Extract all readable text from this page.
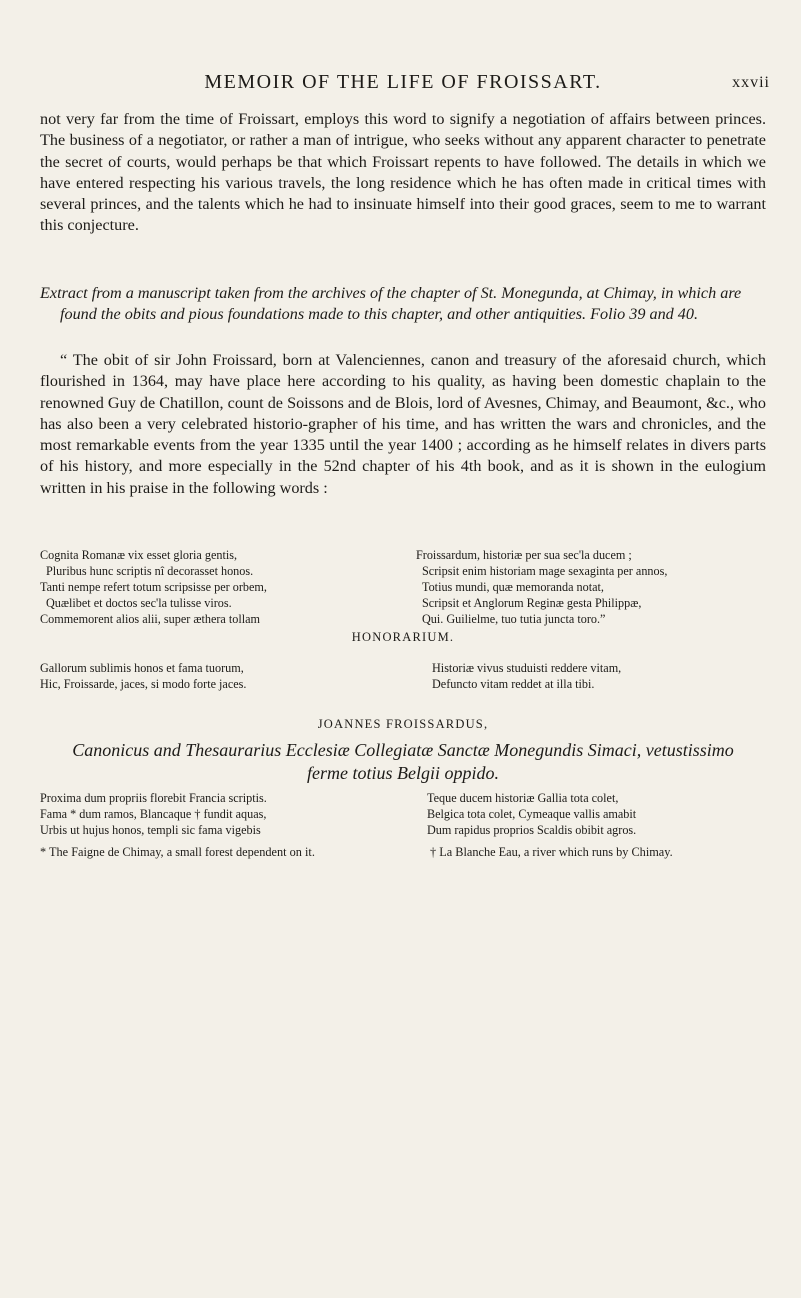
MEMOIR OF THE LIFE OF FROISSART.	xxvii

not very far from the time of Froissart, employs this word to signify a negotiation of affairs between princes. The business of a negotiator, or rather a man of intrigue, who seeks without any apparent character to penetrate the secret of courts, would perhaps be that which Froissart repents to have followed. The details in which we have entered respecting his various travels, the long residence which he has often made in critical times with several princes, and the talents which he had to insinuate himself into their good graces, seem to me to warrant this conjecture.

Extract from a manuscript taken from the archives of the chapter of St. Monegunda, at Chimay, in which are found the obits and pious foundations made to this chapter, and other antiquities. Folio 39 and 40.

“ The obit of sir John Froissard, born at Valenciennes, canon and treasury of the aforesaid church, which flourished in 1364, may have place here according to his quality, as having been domestic chaplain to the renowned Guy de Chatillon, count de Soissons and de Blois, lord of Avesnes, Chimay, and Beaumont, &c., who has also been a very celebrated historio-grapher of his time, and has written the wars and chronicles, and the most remarkable events from the year 1335 until the year 1400 ; according as he himself relates in divers parts of his history, and more especially in the 52nd chapter of his 4th book, and as it is shown in the eulogium written in his praise in the following words :

Cognita Romanæ vix esset gloria gentis,
Pluribus hunc scriptis nî decorasset honos.
Tanti nempe refert totum scripsisse per orbem,
Quælibet et doctos sec'la tulisse viros.
Commemorent alios alii, super æthera tollam
Froissardum, historiæ per sua sec'la ducem ;
Scripsit enim historiam mage sexaginta per annos,
Totius mundi, quæ memoranda notat,
Scripsit et Anglorum Reginæ gesta Philippæ,
Qui. Guilielme, tuo tutia juncta toro.”
HONORARIUM.
Gallorum sublimis honos et fama tuorum,
Hic, Froissarde, jaces, si modo forte jaces.
Historiæ vivus studuisti reddere vitam,
Defuncto vitam reddet at illa tibi.
JOANNES FROISSARDUS,

Canonicus and Thesaurarius Ecclesiæ Collegiatæ Sanctæ Monegundis Simaci, vetustissimo
ferme totius Belgii oppido.

Proxima dum propriis florebit Francia scriptis.
Fama * dum ramos, Blancaque † fundit aquas,
Urbis ut hujus honos, templi sic fama vigebis
Teque ducem historiæ Gallia tota colet,
Belgica tota colet, Cymeaque vallis amabit
Dum rapidus proprios Scaldis obibit agros.
* The Faigne de Chimay, a small forest dependent on it.	† La Blanche Eau, a river which runs by Chimay.
